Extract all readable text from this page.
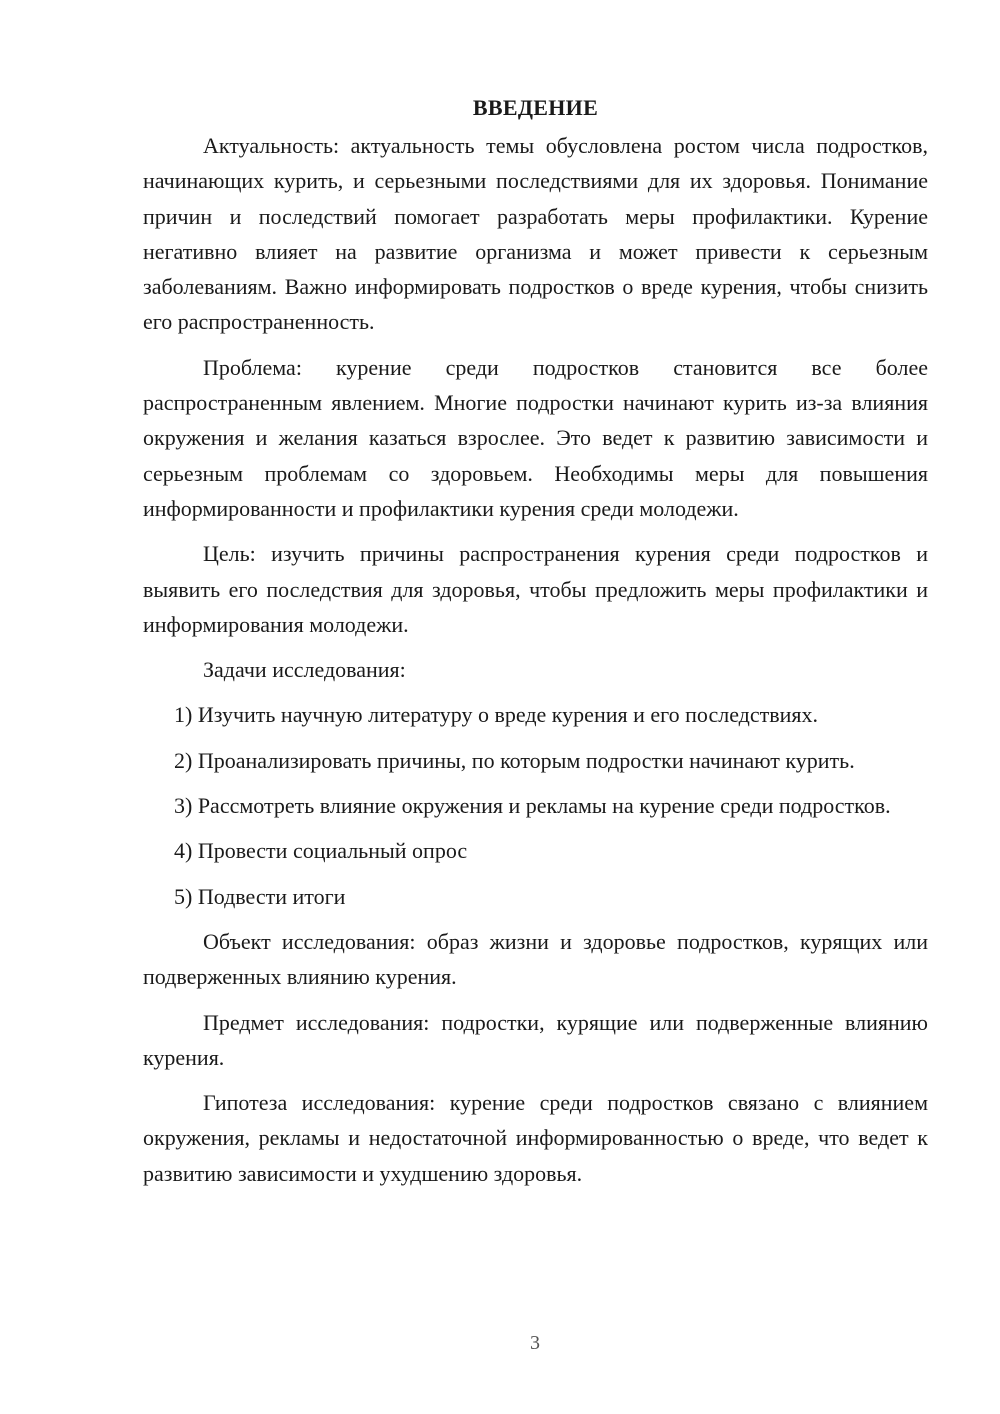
ВВЕДЕНИЕ

Актуальность: актуальность темы обусловлена ростом числа подростков, начинающих курить, и серьезными последствиями для их здоровья. Понимание причин и последствий помогает разработать меры профилактики. Курение негативно влияет на развитие организма и может привести к серьезным заболеваниям. Важно информировать подростков о вреде курения, чтобы снизить его распространенность.

Проблема: курение среди подростков становится все более распространенным явлением. Многие подростки начинают курить из-за влияния окружения и желания казаться взрослее. Это ведет к развитию зависимости и серьезным проблемам со здоровьем. Необходимы меры для повышения информированности и профилактики курения среди молодежи.

Цель: изучить причины распространения курения среди подростков и выявить его последствия для здоровья, чтобы предложить меры профилактики и информирования молодежи.

Задачи исследования:

1) Изучить научную литературу о вреде курения и его последствиях.

2) Проанализировать причины, по которым подростки начинают курить.

3) Рассмотреть влияние окружения и рекламы на курение среди подростков.

4) Провести социальный опрос

5) Подвести итоги

Объект исследования: образ жизни и здоровье подростков, курящих или подверженных влиянию курения.

Предмет исследования: подростки, курящие или подверженные влиянию курения.

Гипотеза исследования: курение среди подростков связано с влиянием окружения, рекламы и недостаточной информированностью о вреде, что ведет к развитию зависимости и ухудшению здоровья.

3
